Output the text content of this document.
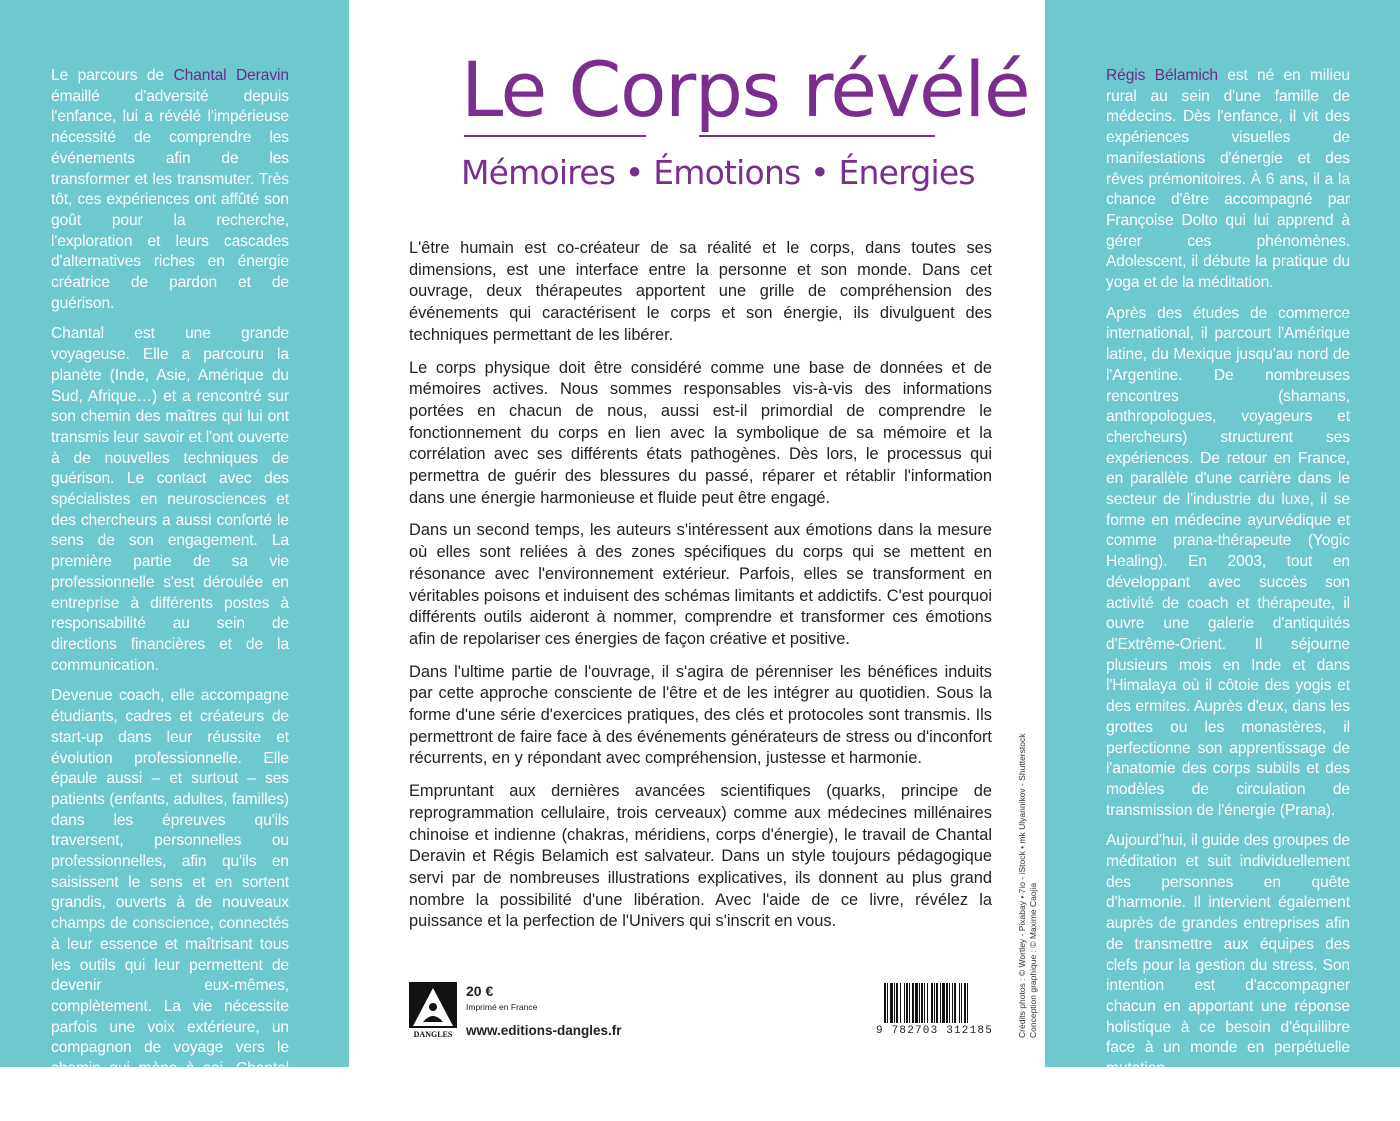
Le parcours de Chantal Deravin émaillé d'adversité depuis l'enfance, lui a révélé l'impérieuse nécessité de comprendre les événements afin de les transformer et les transmuter. Très tôt, ces expériences ont affûté son goût pour la recherche, l'exploration et leurs cascades d'alternatives riches en énergie créatrice de pardon et de guérison.

Chantal est une grande voyageuse. Elle a parcouru la planète (Inde, Asie, Amérique du Sud, Afrique…) et a rencontré sur son chemin des maîtres qui lui ont transmis leur savoir et l'ont ouverte à de nouvelles techniques de guérison. Le contact avec des spécialistes en neurosciences et des chercheurs a aussi conforté le sens de son engagement. La première partie de sa vie professionnelle s'est déroulée en entreprise à différents postes à responsabilité au sein de directions financières et de la communication.

Devenue coach, elle accompagne étudiants, cadres et créateurs de start-up dans leur réussite et évolution professionnelle. Elle épaule aussi – et surtout – ses patients (enfants, adultes, familles) dans les épreuves qu'ils traversent, personnelles ou professionnelles, afin qu'ils en saisissent le sens et en sortent grandis, ouverts à de nouveaux champs de conscience, connectés à leur essence et maîtrisant tous les outils qui leur permettent de devenir eux-mêmes, complètement. La vie nécessite parfois une voix extérieure, un compagnon de voyage vers le chemin qui mène à soi. Chantal Deravin a été cette voix pour de nombreuses personnes.

Le Corps révélé
Mémoires • Émotions • Énergies

L'être humain est co-créateur de sa réalité et le corps, dans toutes ses dimensions, est une interface entre la personne et son monde. Dans cet ouvrage, deux thérapeutes apportent une grille de compréhension des événements qui caractérisent le corps et son énergie, ils divulguent des techniques permettant de les libérer.

Le corps physique doit être considéré comme une base de données et de mémoires actives. Nous sommes responsables vis-à-vis des informations portées en chacun de nous, aussi est-il primordial de comprendre le fonctionnement du corps en lien avec la symbolique de sa mémoire et la corrélation avec ses différents états pathogènes. Dès lors, le processus qui permettra de guérir des blessures du passé, réparer et rétablir l'information dans une énergie harmonieuse et fluide peut être engagé.

Dans un second temps, les auteurs s'intéressent aux émotions dans la mesure où elles sont reliées à des zones spécifiques du corps qui se mettent en résonance avec l'environnement extérieur. Parfois, elles se transforment en véritables poisons et induisent des schémas limitants et addictifs. C'est pourquoi différents outils aideront à nommer, comprendre et transformer ces émotions afin de repolariser ces énergies de façon créative et positive.

Dans l'ultime partie de l'ouvrage, il s'agira de pérenniser les bénéfices induits par cette approche consciente de l'être et de les intégrer au quotidien. Sous la forme d'une série d'exercices pratiques, des clés et protocoles sont transmis. Ils permettront de faire face à des événements générateurs de stress ou d'inconfort récurrents, en y répondant avec compréhension, justesse et harmonie.

Empruntant aux dernières avancées scientifiques (quarks, principe de reprogrammation cellulaire, trois cerveaux) comme aux médecines millénaires chinoise et indienne (chakras, méridiens, corps d'énergie), le travail de Chantal Deravin et Régis Belamich est salvateur. Dans un style toujours pédagogique servi par de nombreuses illustrations explicatives, ils donnent au plus grand nombre la possibilité d'une libération. Avec l'aide de ce livre, révélez la puissance et la perfection de l'Univers qui s'inscrit en vous.

DANGLES
20 €
Imprimé en France
www.editions-dangles.fr	9 782703 312185	Crédits photos : © Wortley - Pixabay • 7io - iStock • mk Ulyannikov - Shutterstock Conception graphique : © Maxime Caojia

Régis Bélamich est né en milieu rural au sein d'une famille de médecins. Dès l'enfance, il vit des expériences visuelles de manifestations d'énergie et des rêves prémonitoires. À 6 ans, il a la chance d'être accompagné par Françoise Dolto qui lui apprend à gérer ces phénomènes. Adolescent, il débute la pratique du yoga et de la méditation.

Après des études de commerce international, il parcourt l'Amérique latine, du Mexique jusqu'au nord de l'Argentine. De nombreuses rencontres (shamans, anthropologues, voyageurs et chercheurs) structurent ses expériences. De retour en France, en parallèle d'une carrière dans le secteur de l'industrie du luxe, il se forme en médecine ayurvédique et comme prana-thérapeute (Yogic Healing). En 2003, tout en développant avec succès son activité de coach et thérapeute, il ouvre une galerie d'antiquités d'Extrême-Orient. Il séjourne plusieurs mois en Inde et dans l'Himalaya où il côtoie des yogis et des ermites. Auprès d'eux, dans les grottes ou les monastères, il perfectionne son apprentissage de l'anatomie des corps subtils et des modèles de circulation de transmission de l'énergie (Prana).

Aujourd'hui, il guide des groupes de méditation et suit individuellement des personnes en quête d'harmonie. Il intervient également auprès de grandes entreprises afin de transmettre aux équipes des clefs pour la gestion du stress. Son intention est d'accompagner chacun en apportant une réponse holistique à ce besoin d'équilibre face à un monde en perpétuelle mutation.
